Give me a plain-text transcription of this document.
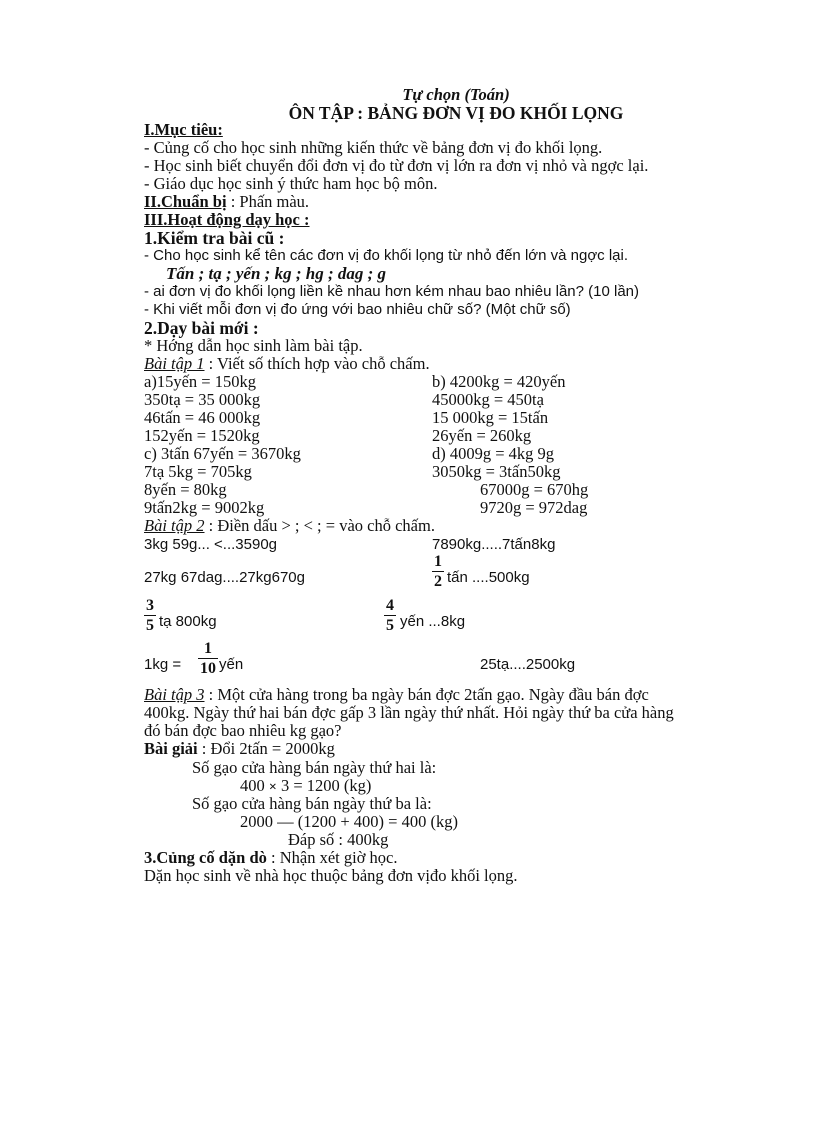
Tự chọn (Toán)
ÔN TẬP : BẢNG ĐƠN VỊ ĐO KHỐI LỌNG
I.Mục tiêu:
- Củng cố cho học sinh những kiến thức về bảng đơn vị đo khối lọng.
- Học sinh biết chuyển đổi đơn vị đo từ đơn vị lớn ra đơn vị nhỏ và ngợc lại.
- Giáo dục học sinh ý thức ham học bộ môn.
II.Chuẩn bị : Phấn màu.
III.Hoạt động dạy học :
1.Kiểm tra bài cũ :
- Cho học sinh kể tên các đơn vị đo khối lọng từ nhỏ đến lớn và ngợc lại.
Tấn ; tạ ; yến ; kg ; hg ; dag ; g
- ai đơn vị đo khối lọng liền kề nhau hơn kém nhau bao nhiêu lần? (10 lần)
- Khi viết mỗi đơn vị đo ứng với bao nhiêu chữ số? (Một chữ số)
2.Dạy bài mới :
* Hớng dẫn học sinh làm bài tập.
Bài tập 1 : Viết số thích hợp vào chỗ chấm.
a)15yến = 150kg
350tạ = 35 000kg
46tấn = 46 000kg
152yến = 1520kg
c) 3tấn 67yến = 3670kg
7tạ 5kg = 705kg
8yến = 80kg
9tấn2kg = 9002kg
b) 4200kg = 420yến
45000kg = 450tạ
15 000kg = 15tấn
26yến = 260kg
d) 4009g = 4kg 9g
3050kg = 3tấn50kg
67000g = 670hg
9720g = 972dag
Bài tập 2 : Điền dấu > ; < ; = vào chỗ chấm.
3kg 59g... <...3590g	7890kg.....7tấn8kg
27kg 67dag....27kg670g
1
2 tấn ....500kg
3
5 tạ 800kg
4
5 yến ...8kg
1kg =
1
10 yến	25tạ....2500kg
Bài tập 3 : Một cửa hàng trong ba ngày bán đợc 2tấn gạo. Ngày đầu bán đợc
400kg. Ngày thứ hai bán đợc gấp 3 lần ngày thứ nhất. Hỏi ngày thứ ba cửa hàng
đó bán đợc bao nhiêu kg gạo?
Bài giải : Đổi 2tấn = 2000kg
Số gạo cửa hàng bán ngày thứ hai là:
400 × 3 = 1200 (kg)
Số gạo cửa hàng bán ngày thứ ba là:
2000 — (1200 + 400) = 400 (kg)
Đáp số : 400kg
3.Củng cố dặn dò : Nhận xét giờ học.
Dặn học sinh về nhà học thuộc bảng đơn vịđo khối lọng.
